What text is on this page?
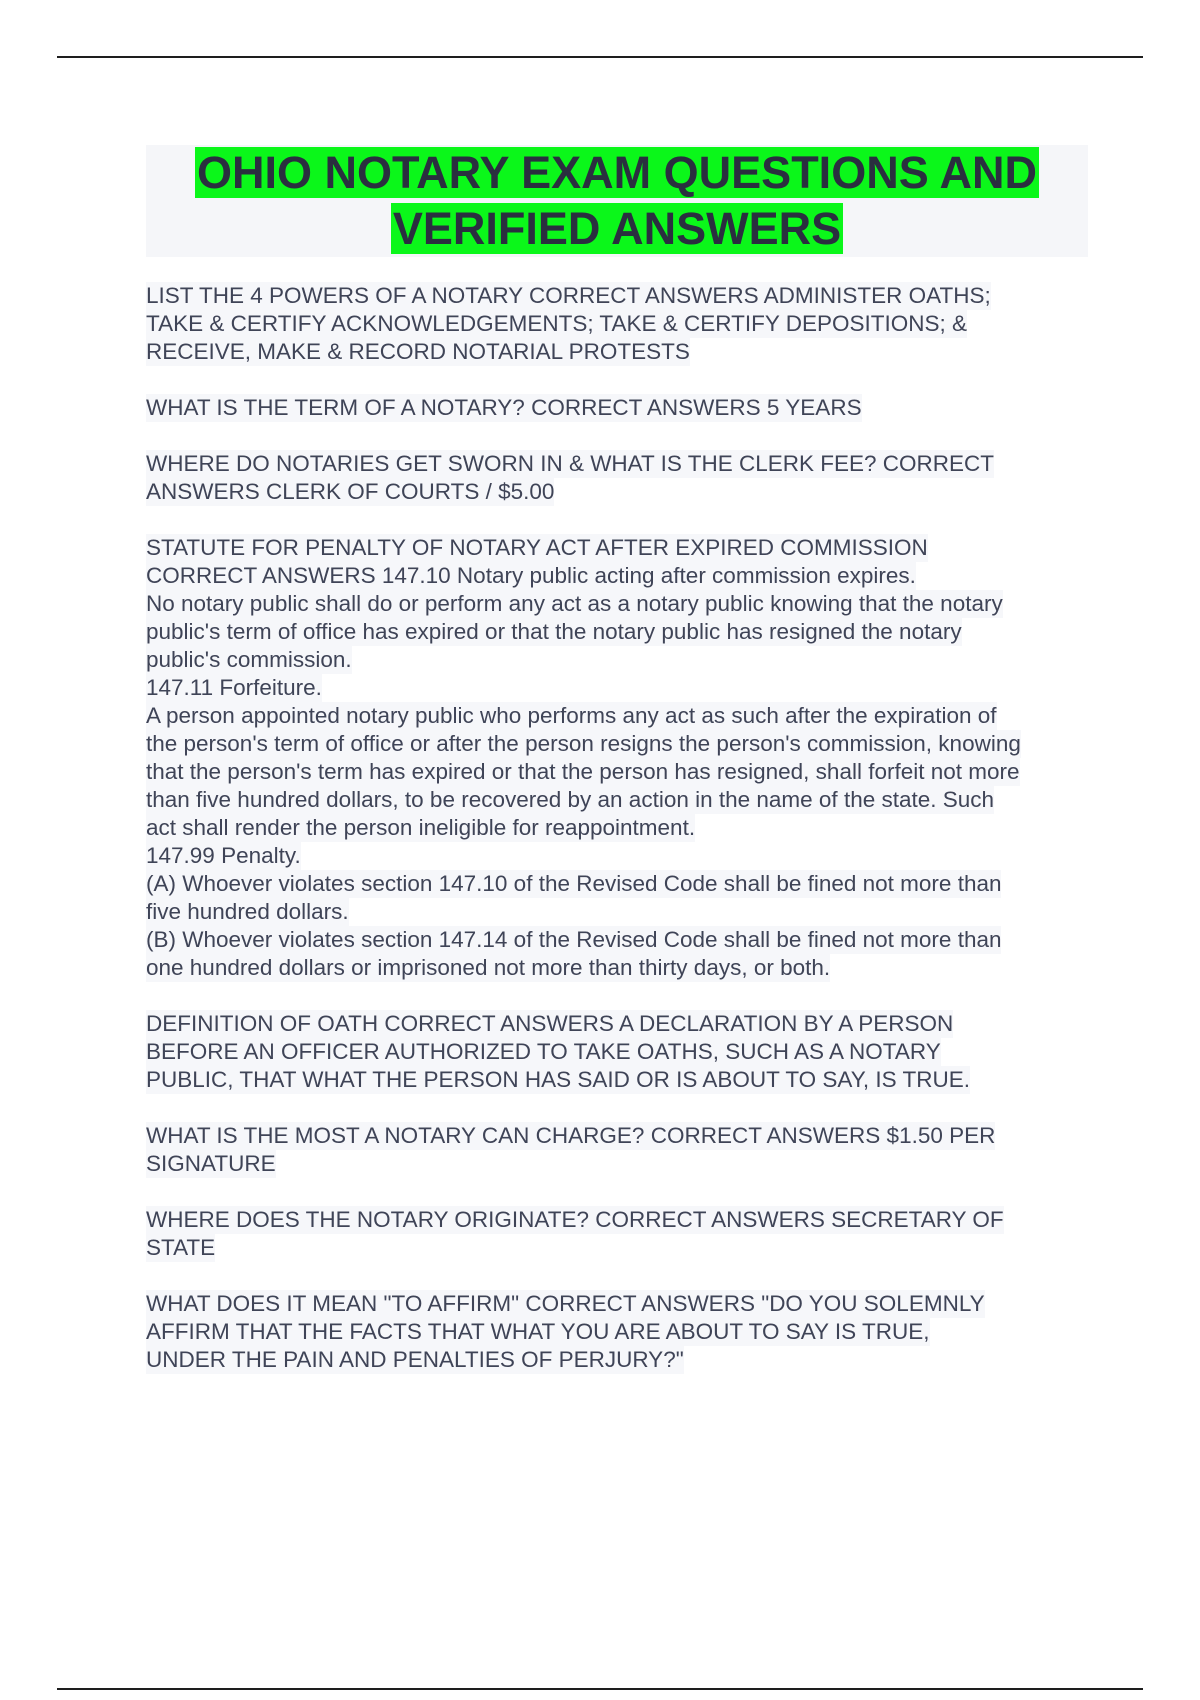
OHIO NOTARY EXAM QUESTIONS AND
VERIFIED ANSWERS
LIST THE 4 POWERS OF A NOTARY CORRECT ANSWERS ADMINISTER OATHS;
TAKE & CERTIFY ACKNOWLEDGEMENTS; TAKE & CERTIFY DEPOSITIONS; &
RECEIVE, MAKE & RECORD NOTARIAL PROTESTS
WHAT IS THE TERM OF A NOTARY? CORRECT ANSWERS 5 YEARS
WHERE DO NOTARIES GET SWORN IN & WHAT IS THE CLERK FEE? CORRECT
ANSWERS CLERK OF COURTS / $5.00
STATUTE FOR PENALTY OF NOTARY ACT AFTER EXPIRED COMMISSION
CORRECT ANSWERS 147.10 Notary public acting after commission expires.
No notary public shall do or perform any act as a notary public knowing that the notary
public's term of office has expired or that the notary public has resigned the notary
public's commission.
147.11 Forfeiture.
A person appointed notary public who performs any act as such after the expiration of
the person's term of office or after the person resigns the person's commission, knowing
that the person's term has expired or that the person has resigned, shall forfeit not more
than five hundred dollars, to be recovered by an action in the name of the state. Such
act shall render the person ineligible for reappointment.
147.99 Penalty.
(A) Whoever violates section 147.10 of the Revised Code shall be fined not more than
five hundred dollars.
(B) Whoever violates section 147.14 of the Revised Code shall be fined not more than
one hundred dollars or imprisoned not more than thirty days, or both.
DEFINITION OF OATH CORRECT ANSWERS A DECLARATION BY A PERSON
BEFORE AN OFFICER AUTHORIZED TO TAKE OATHS, SUCH AS A NOTARY
PUBLIC, THAT WHAT THE PERSON HAS SAID OR IS ABOUT TO SAY, IS TRUE.
WHAT IS THE MOST A NOTARY CAN CHARGE? CORRECT ANSWERS $1.50 PER
SIGNATURE
WHERE DOES THE NOTARY ORIGINATE? CORRECT ANSWERS SECRETARY OF
STATE
WHAT DOES IT MEAN "TO AFFIRM" CORRECT ANSWERS "DO YOU SOLEMNLY
AFFIRM THAT THE FACTS THAT WHAT YOU ARE ABOUT TO SAY IS TRUE,
UNDER THE PAIN AND PENALTIES OF PERJURY?"
